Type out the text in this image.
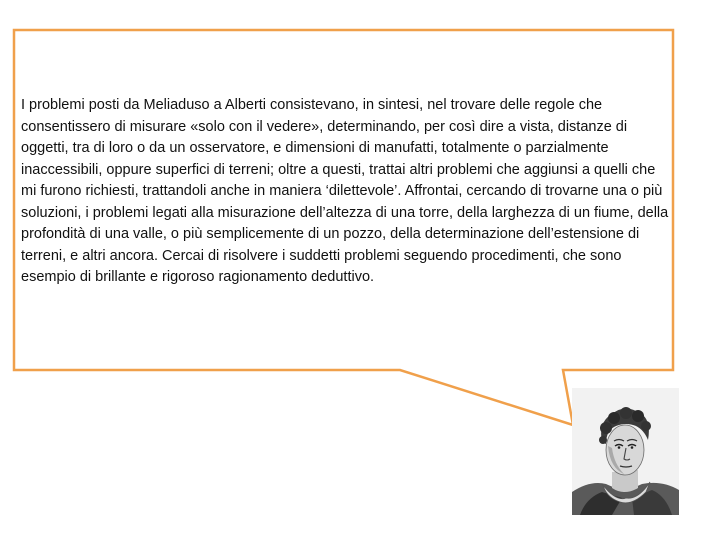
I problemi posti da Meliaduso a Alberti consistevano, in sintesi, nel trovare delle regole che consentissero di misurare «solo con il vedere», determinando, per così dire a vista, distanze di oggetti, tra di loro o da un osservatore, e dimensioni di manufatti, totalmente o parzialmente inaccessibili, oppure superfici di terreni; oltre a questi, trattai altri problemi che aggiunsi a quelli che mi furono richiesti, trattandoli anche in maniera ‘dilettevole’. Affrontai, cercando di trovarne una o più soluzioni, i problemi legati alla misurazione dell’altezza di una torre, della larghezza di un fiume, della profondità di una valle, o più semplicemente di un pozzo, della determinazione dell’estensione di terreni, e altri ancora. Cercai di risolvere i suddetti problemi seguendo procedimenti, che sono esempio di brillante e rigoroso ragionamento deduttivo.
